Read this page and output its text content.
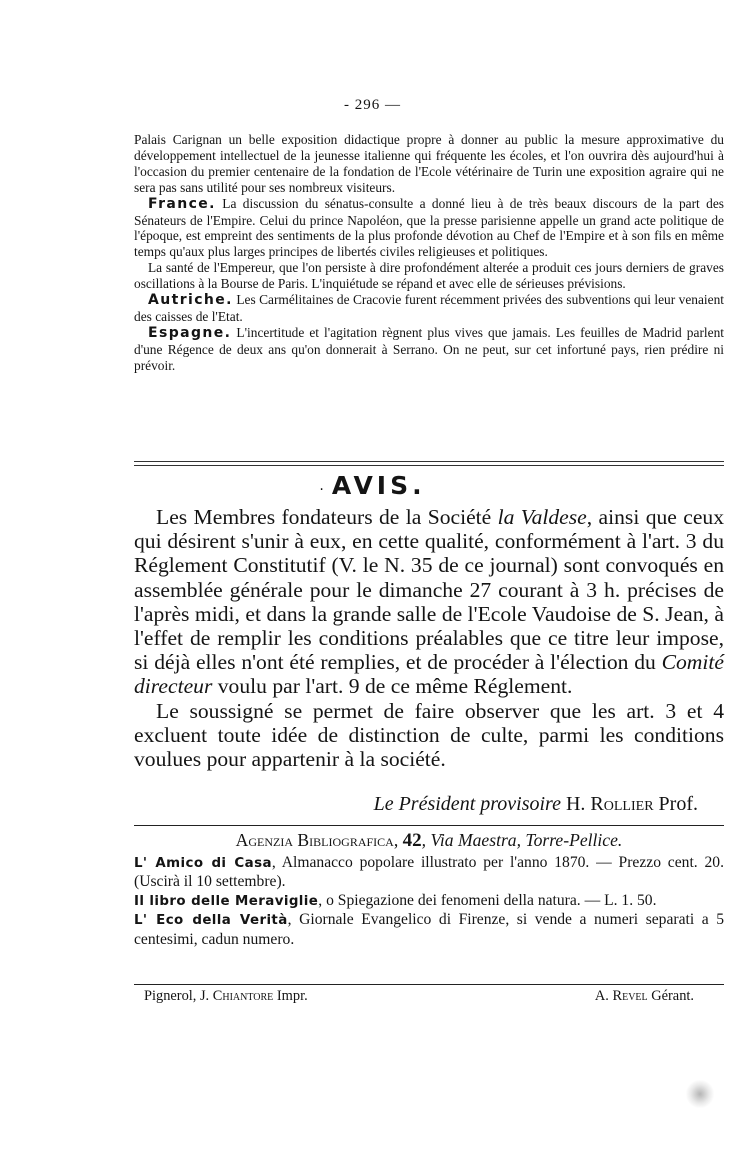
- 296 —

Palais Carignan un belle exposition didactique propre à donner au public la mesure approximative du développement intellectuel de la jeunesse italienne qui fréquente les écoles, et l'on ouvrira dès aujourd'hui à l'occasion du premier centenaire de la fondation de l'Ecole vétérinaire de Turin une exposition agraire qui ne sera pas sans utilité pour ses nombreux visiteurs.

France. La discussion du sénatus-consulte a donné lieu à de très beaux discours de la part des Sénateurs de l'Empire. Celui du prince Napoléon, que la presse parisienne appelle un grand acte politique de l'époque, est empreint des sentiments de la plus profonde dévotion au Chef de l'Empire et à son fils en même temps qu'aux plus larges principes de libertés civiles religieuses et politiques.

La santé de l'Empereur, que l'on persiste à dire profondément alterée a produit ces jours derniers de graves oscillations à la Bourse de Paris. L'inquiétude se répand et avec elle de sérieuses prévisions.

Autriche. Les Carmélitaines de Cracovie furent récemment privées des subventions qui leur venaient des caisses de l'Etat.

Espagne. L'incertitude et l'agitation règnent plus vives que jamais. Les feuilles de Madrid parlent d'une Régence de deux ans qu'on donnerait à Serrano. On ne peut, sur cet infortuné pays, rien prédire ni prévoir.

· AVIS.

Les Membres fondateurs de la Société la Valdese, ainsi que ceux qui désirent s'unir à eux, en cette qualité, conformément à l'art. 3 du Réglement Constitutif (V. le N. 35 de ce journal) sont convoqués en assemblée générale pour le dimanche 27 courant à 3 h. précises de l'après midi, et dans la grande salle de l'Ecole Vaudoise de S. Jean, à l'effet de remplir les conditions préalables que ce titre leur impose, si déjà elles n'ont été remplies, et de procéder à l'élection du Comité directeur voulu par l'art. 9 de ce même Réglement.

Le soussigné se permet de faire observer que les art. 3 et 4 excluent toute idée de distinction de culte, parmi les conditions voulues pour appartenir à la société.

Le Président provisoire H. Rollier Prof.
Agenzia Bibliografica, 42, Via Maestra, Torre-Pellice.

L' Amico di Casa, Almanacco popolare illustrato per l'anno 1870. — Prezzo cent. 20. (Uscirà il 10 settembre).

Il libro delle Meraviglie, o Spiegazione dei fenomeni della natura. — L. 1. 50.

L' Eco della Verità, Giornale Evangelico di Firenze, si vende a numeri separati a 5 centesimi, cadun numero.

Pignerol, J. Chiantore Impr.	A. Revel Gérant.
